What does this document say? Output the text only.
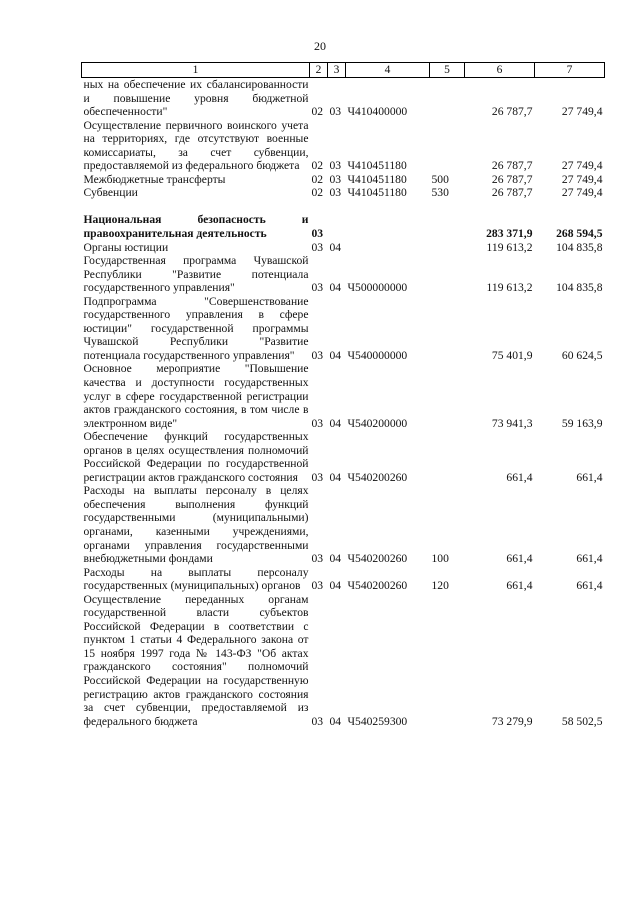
20
1	2	3	4	5	6	7
ных на обеспечение их сбалансированности и повышение уровня бюджетной обеспеченности"	02	03	Ч410400000		26 787,7	27 749,4
Осуществление первичного воинского учета на территориях, где отсутствуют военные комиссариаты, за счет субвенции, предоставляемой из федерального бюджета	02	03	Ч410451180		26 787,7	27 749,4
Межбюджетные трансферты	02	03	Ч410451180	500	26 787,7	27 749,4
Субвенции	02	03	Ч410451180	530	26 787,7	27 749,4

Национальная безопасность и правоохранительная деятельность	03				283 371,9	268 594,5
Органы юстиции	03	04			119 613,2	104 835,8
Государственная программа Чувашской Республики "Развитие потенциала государственного управления"	03	04	Ч500000000		119 613,2	104 835,8
Подпрограмма "Совершенствование государственного управления в сфере юстиции" государственной программы Чувашской Республики "Развитие потенциала государственного управления"	03	04	Ч540000000		75 401,9	60 624,5
Основное мероприятие "Повышение качества и доступности государственных услуг в сфере государственной регистрации актов гражданского состояния, в том числе в электронном виде"	03	04	Ч540200000		73 941,3	59 163,9
Обеспечение функций государственных органов в целях осуществления полномочий Российской Федерации по государственной регистрации актов гражданского состояния	03	04	Ч540200260		661,4	661,4
Расходы на выплаты персоналу в целях обеспечения выполнения функций государственными (муниципальными) органами, казенными учреждениями, органами управления государственными внебюджетными фондами	03	04	Ч540200260	100	661,4	661,4
Расходы на выплаты персоналу государственных (муниципальных) органов	03	04	Ч540200260	120	661,4	661,4
Осуществление переданных органам государственной власти субъектов Российской Федерации в соответствии с пунктом 1 статьи 4 Федерального закона от 15 ноября 1997 года № 143-ФЗ "Об актах гражданского состояния" полномочий Российской Федерации на государственную регистрацию актов гражданского состояния за счет субвенции, предоставляемой из федерального бюджета	03	04	Ч540259300		73 279,9	58 502,5
